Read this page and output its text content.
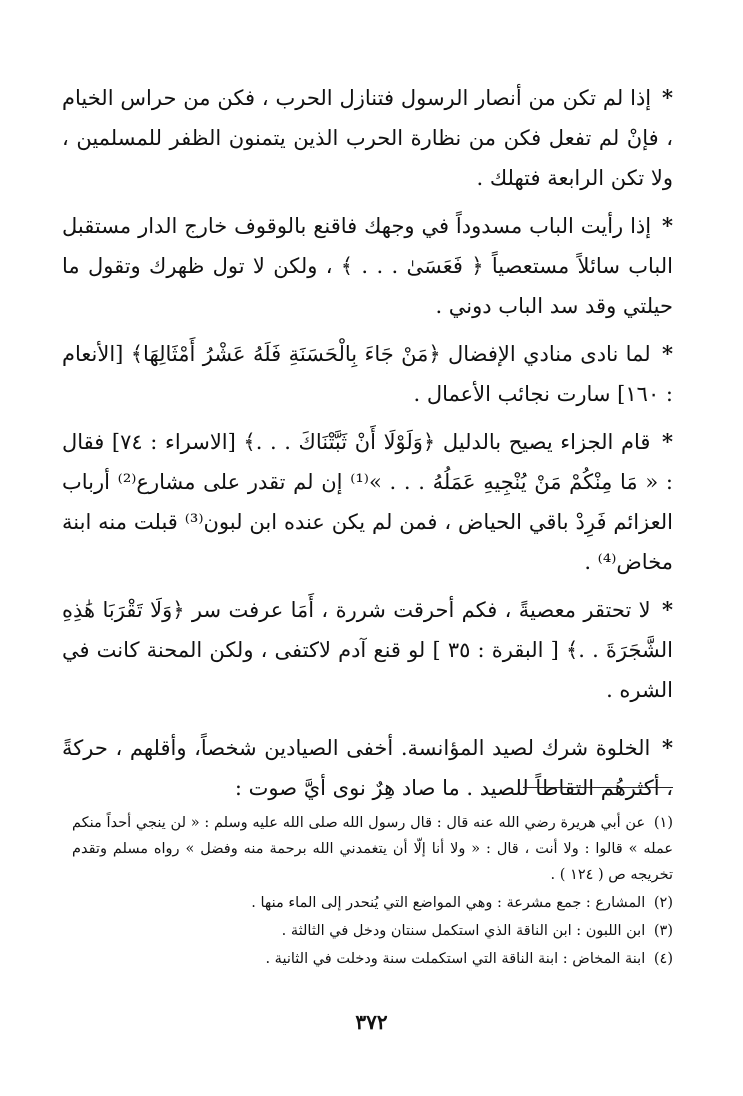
* إذا لم تكن من أنصار الرسول فتنازل الحرب ، فكن من حراس الخيام ، فإنْ لم تفعل فكن من نظارة الحرب الذين يتمنون الظفر للمسلمين ، ولا تكن الرابعة فتهلك .

* إذا رأيت الباب مسدوداً في وجهك فاقنع بالوقوف خارج الدار مستقبل الباب سائلاً مستعصياً ﴿ فَعَسَىٰ . . . ﴾ ، ولكن لا تول ظهرك وتقول ما حيلتي وقد سد الباب دوني .

* لما نادى منادي الإفضال ﴿مَنْ جَاءَ بِالْحَسَنَةِ فَلَهُ عَشْرُ أَمْثَالِهَا﴾ [الأنعام : ١٦٠] سارت نجائب الأعمال .

* قام الجزاء يصيح بالدليل ﴿وَلَوْلَا أَنْ ثَبَّتْنَاكَ . . .﴾ [الاسراء : ٧٤] فقال : « مَا مِنْكُمْ مَنْ يُنْجِيهِ عَمَلُهُ . . . »⁽¹⁾ إن لم تقدر على مشارع⁽²⁾ أرباب العزائم فَرِدْ باقي الحياض ، فمن لم يكن عنده ابن لبون⁽³⁾ قبلت منه ابنة مخاض⁽⁴⁾ .

* لا تحتقر معصيةً ، فكم أحرقت شررة ، أَمَا عرفت سر ﴿وَلَا تَقْرَبَا هَٰذِهِ الشَّجَرَةَ . .﴾ [ البقرة : ٣٥ ] لو قنع آدم لاكتفى ، ولكن المحنة كانت في الشره .

* الخلوة شرك لصيد المؤانسة. أخفى الصيادين شخصاً، وأقلهم ، حركةً ، أكثرهُم التقاطاً للصيد . ما صاد هِرٌ نوى أيَّ صوت :

(١) عن أبي هريرة رضي الله عنه قال : قال رسول الله صلى الله عليه وسلم : « لن ينجي أحداً منكم عمله » قالوا : ولا أنت ، قال : « ولا أنا إلّا أن يتغمدني الله برحمة منه وفضل » رواه مسلم وتقدم تخريجه ص ( ١٢٤ ) .

(٢) المشارع : جمع مشرعة : وهي المواضع التي يُنحدر إلى الماء منها .

(٣) ابن اللبون : ابن الناقة الذي استكمل سنتان ودخل في الثالثة .

(٤) ابنة المخاض : ابنة الناقة التي استكملت سنة ودخلت في الثانية .

٣٧٢
